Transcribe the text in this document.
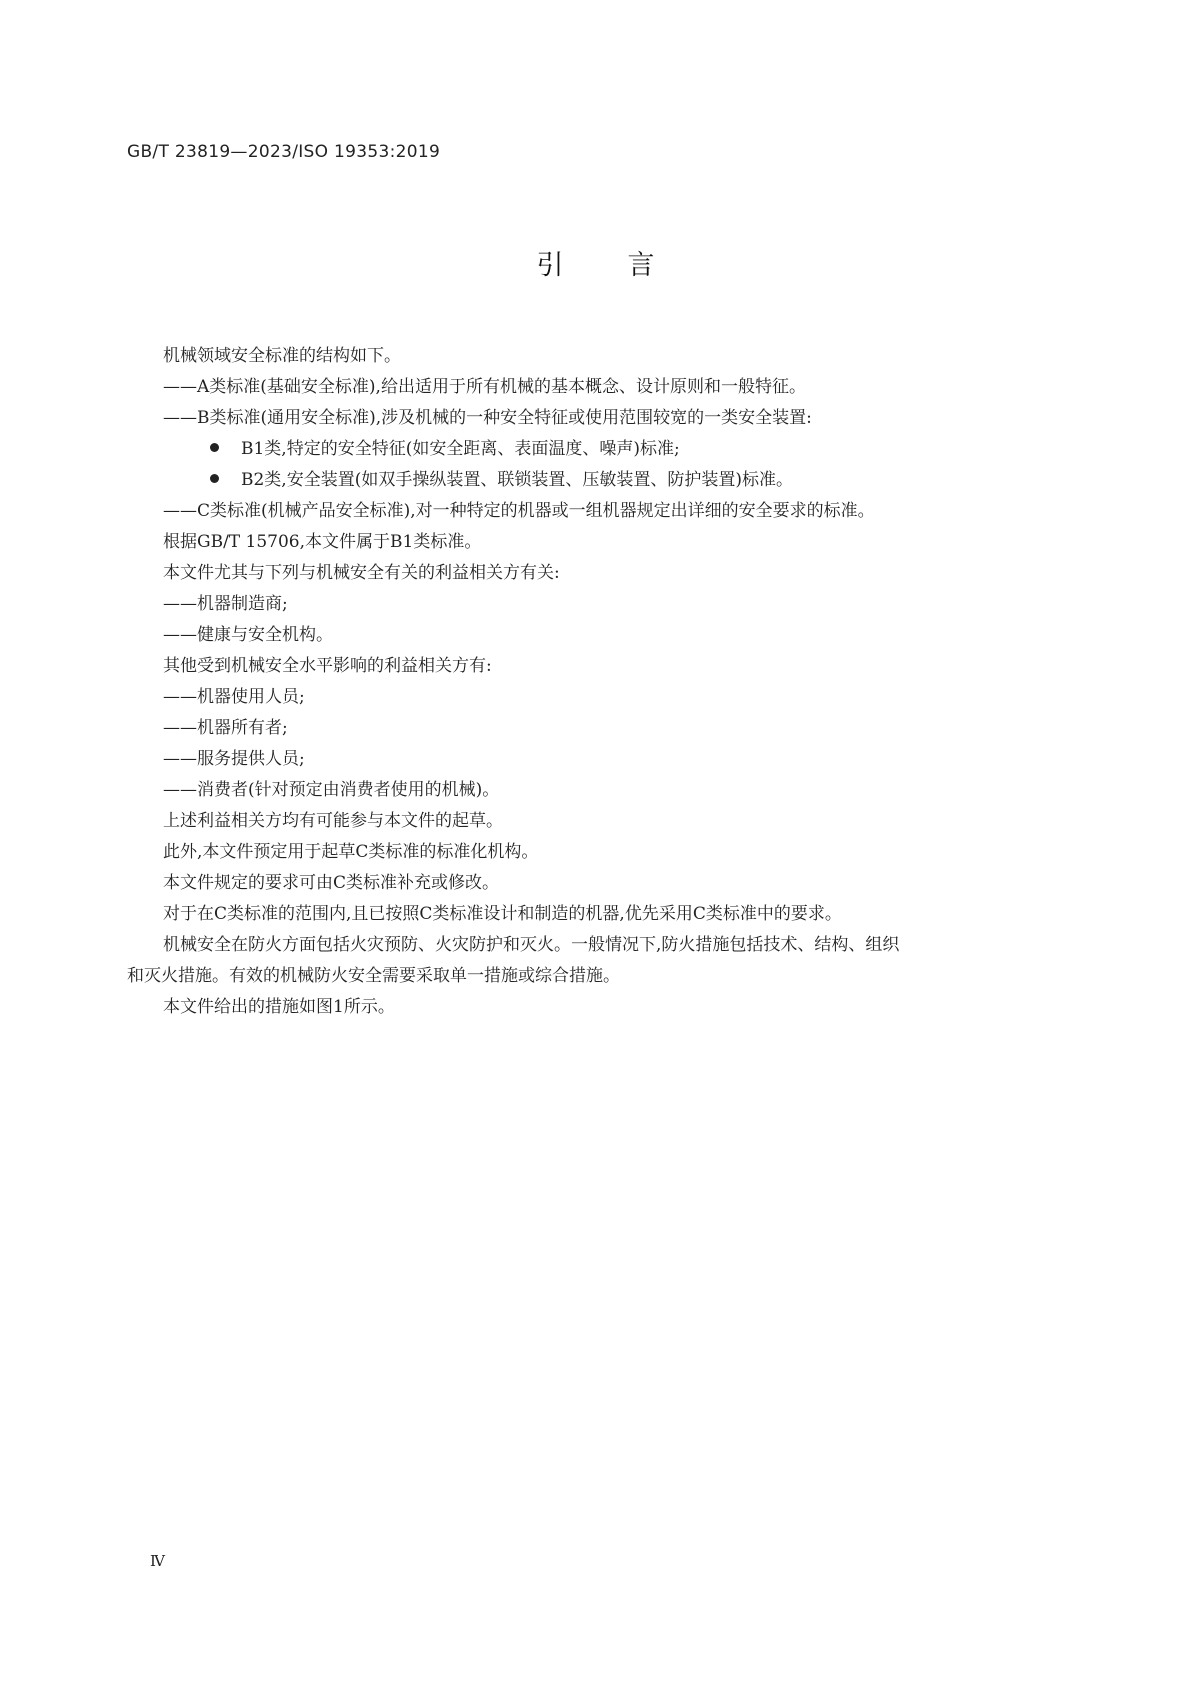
GB/T 23819—2023/ISO 19353:2019
引言
机械领域安全标准的结构如下。
——A类标准(基础安全标准),给出适用于所有机械的基本概念、设计原则和一般特征。
——B类标准(通用安全标准),涉及机械的一种安全特征或使用范围较宽的一类安全装置:
B1类,特定的安全特征(如安全距离、表面温度、噪声)标准;
B2类,安全装置(如双手操纵装置、联锁装置、压敏装置、防护装置)标准。
——C类标准(机械产品安全标准),对一种特定的机器或一组机器规定出详细的安全要求的标准。
根据GB/T 15706,本文件属于B1类标准。
本文件尤其与下列与机械安全有关的利益相关方有关:
——机器制造商;
——健康与安全机构。
其他受到机械安全水平影响的利益相关方有:
——机器使用人员;
——机器所有者;
——服务提供人员;
——消费者(针对预定由消费者使用的机械)。
上述利益相关方均有可能参与本文件的起草。
此外,本文件预定用于起草C类标准的标准化机构。
本文件规定的要求可由C类标准补充或修改。
对于在C类标准的范围内,且已按照C类标准设计和制造的机器,优先采用C类标准中的要求。
机械安全在防火方面包括火灾预防、火灾防护和灭火。一般情况下,防火措施包括技术、结构、组织
和灭火措施。有效的机械防火安全需要采取单一措施或综合措施。
本文件给出的措施如图1所示。
Ⅳ
